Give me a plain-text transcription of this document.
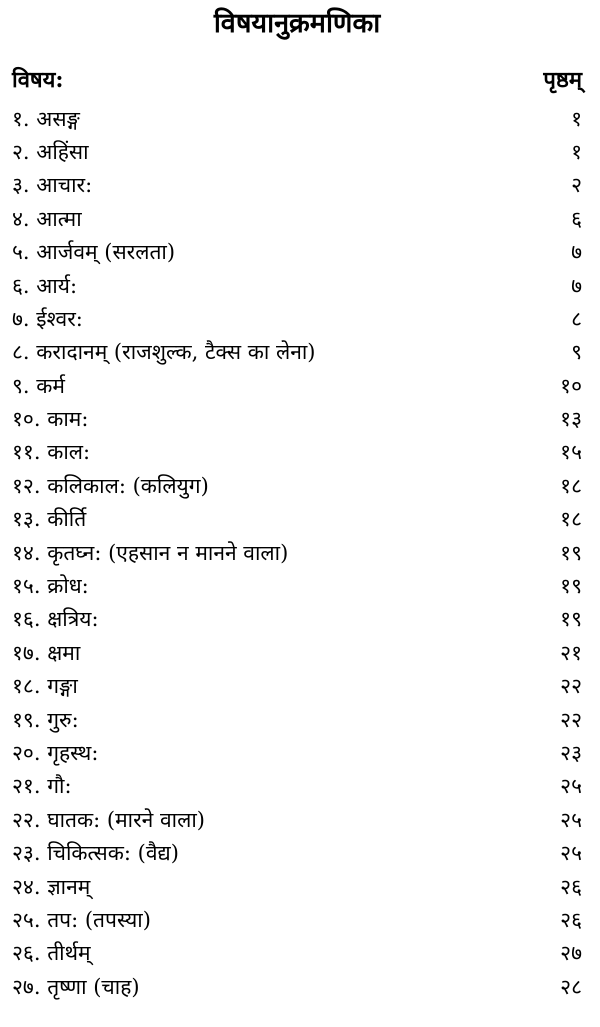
विषयानुक्रमणिका
विषय:	पृष्ठम्
१. असङ्ग	१
२. अहिंसा	१
३. आचार:	२
४. आत्मा	६
५. आर्जवम् (सरलता)	७
६. आर्य:	७
७. ईश्वर:	८
८. करादानम् (राजशुल्क, टैक्स का लेना)	९
९. कर्म	१०
१०. काम:	१३
११. काल:	१५
१२. कलिकाल: (कलियुग)	१८
१३. कीर्ति	१८
१४. कृतघ्न: (एहसान न मानने वाला)	१९
१५. क्रोध:	१९
१६. क्षत्रिय:	१९
१७. क्षमा	२१
१८. गङ्गा	२२
१९. गुरु:	२२
२०. गृहस्थ:	२३
२१. गौ:	२५
२२. घातक: (मारने वाला)	२५
२३. चिकित्सक: (वैद्य)	२५
२४. ज्ञानम्	२६
२५. तप: (तपस्या)	२६
२६. तीर्थम्	२७
२७. तृष्णा (चाह)	२८
